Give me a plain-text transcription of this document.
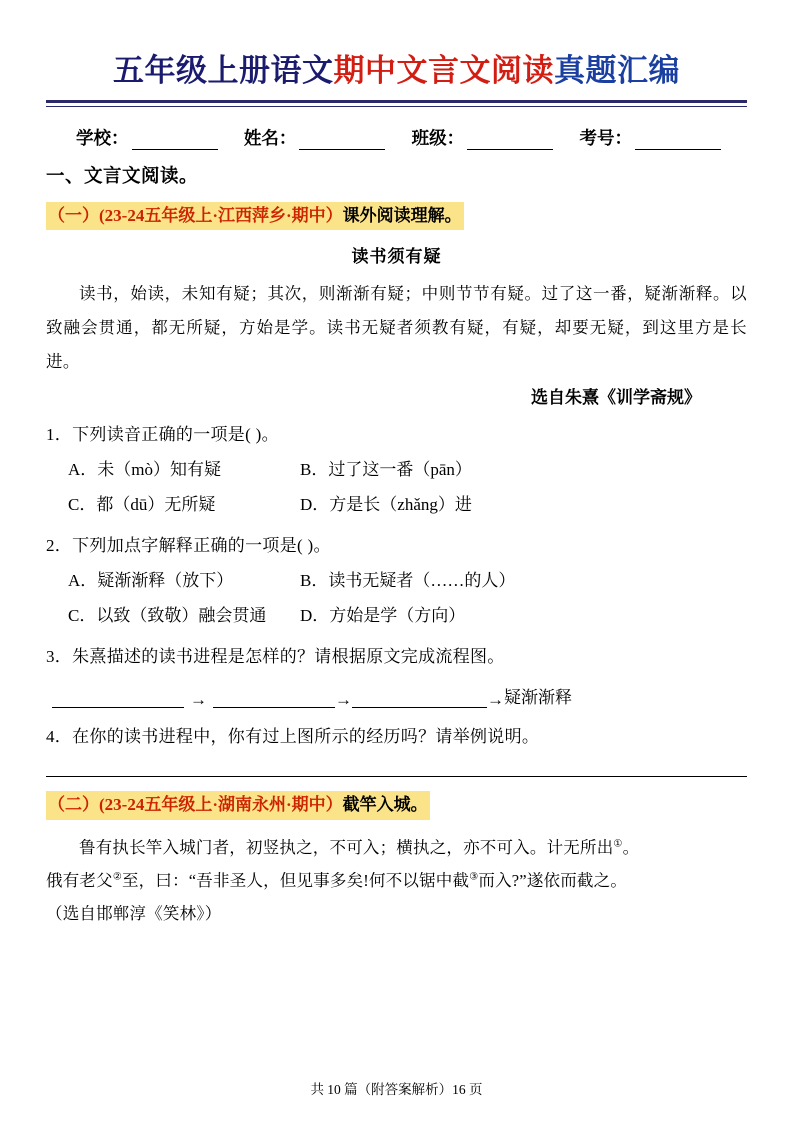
五年级上册语文期中文言文阅读真题汇编
学校：	姓名：	班级：	考号：
一、文言文阅读。
（一）(23-24五年级上·江西萍乡·期中）课外阅读理解。
读书须有疑
读书，始读，未知有疑；其次，则渐渐有疑；中则节节有疑。过了这一番，疑渐渐释。以致融会贯通，都无所疑，方始是学。读书无疑者须教有疑，有疑，却要无疑，到这里方是长进。
选自朱熹《训学斋规》
1．下列读音正确的一项是( )。
A．未（mò）知有疑	B．过了这一番（pān）
C．都（dū）无所疑	D．方是长（zhǎng）进
2．下列加点字解释正确的一项是( )。
A．疑渐渐释（放下）	B．读书无疑者（……的人）
C．以致（致敬）融会贯通	D．方始是学（方向）
3．朱熹描述的读书进程是怎样的？请根据原文完成流程图。
→	→	→ 疑渐渐释
4．在你的读书进程中，你有过上图所示的经历吗？请举例说明。
（二）(23-24五年级上·湖南永州·期中）截竿入城。
鲁有执长竿入城门者，初竖执之，不可入；横执之，亦不可入。计无所出①。
俄有老父②至，曰：“吾非圣人，但见事多矣!何不以锯中截③而入?”遂依而截之。
（选自邯郸淳《笑林》）
共 10 篇（附答案解析）16 页
